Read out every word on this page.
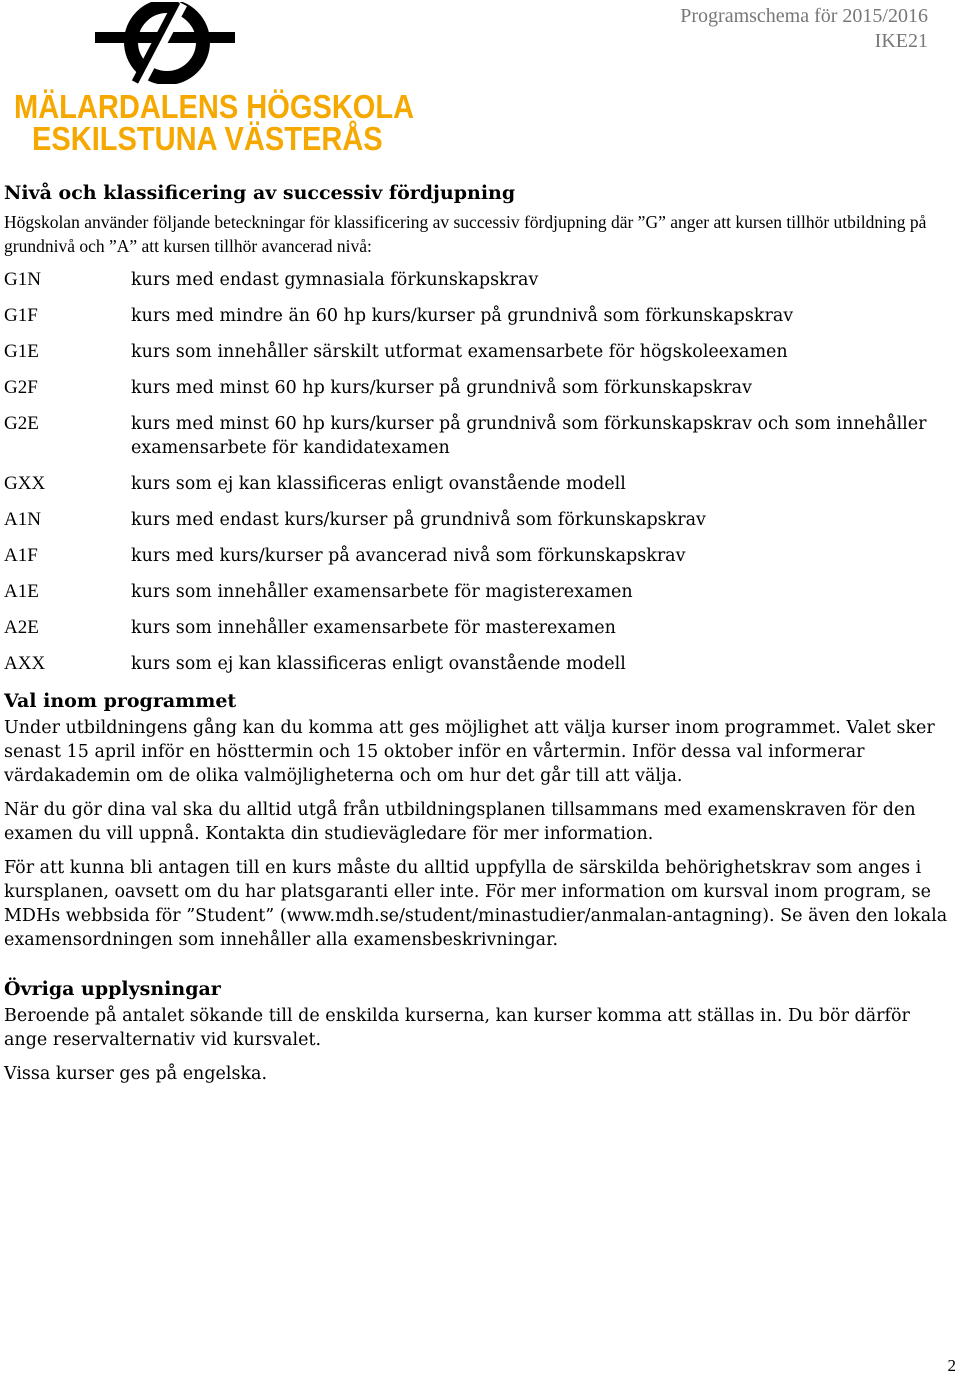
MÄLARDALENS HÖGSKOLA
ESKILSTUNA VÄSTERÅS
Programschema för 2015/2016
IKE21
Nivå och klassificering av successiv fördjupning

Högskolan använder följande beteckningar för klassificering av successiv fördjupning där ”G” anger att kursen tillhör utbildning på grundnivå och ”A” att kursen tillhör avancerad nivå:

G1N	kurs med endast gymnasiala förkunskapskrav
G1F	kurs med mindre än 60 hp kurs/kurser på grundnivå som förkunskapskrav
G1E	kurs som innehåller särskilt utformat examensarbete för högskoleexamen
G2F	kurs med minst 60 hp kurs/kurser på grundnivå som förkunskapskrav
G2E	kurs med minst 60 hp kurs/kurser på grundnivå som förkunskapskrav och som innehåller examensarbete för kandidatexamen
GXX	kurs som ej kan klassificeras enligt ovanstående modell
A1N	kurs med endast kurs/kurser på grundnivå som förkunskapskrav
A1F	kurs med kurs/kurser på avancerad nivå som förkunskapskrav
A1E	kurs som innehåller examensarbete för magisterexamen
A2E	kurs som innehåller examensarbete för masterexamen
AXX	kurs som ej kan klassificeras enligt ovanstående modell
Val inom programmet

Under utbildningens gång kan du komma att ges möjlighet att välja kurser inom programmet. Valet sker senast 15 april inför en hösttermin och 15 oktober inför en vårtermin. Inför dessa val informerar värdakademin om de olika valmöjligheterna och om hur det går till att välja.

När du gör dina val ska du alltid utgå från utbildningsplanen tillsammans med examenskraven för den examen du vill uppnå. Kontakta din studievägledare för mer information.

För att kunna bli antagen till en kurs måste du alltid uppfylla de särskilda behörighetskrav som anges i kursplanen, oavsett om du har platsgaranti eller inte. För mer information om kursval inom program, se MDHs webbsida för ”Student” (www.mdh.se/student/minastudier/anmalan-antagning). Se även den lokala examensordningen som innehåller alla examensbeskrivningar.

Övriga upplysningar

Beroende på antalet sökande till de enskilda kurserna, kan kurser komma att ställas in. Du bör därför ange reservalternativ vid kursvalet.

Vissa kurser ges på engelska.

2
